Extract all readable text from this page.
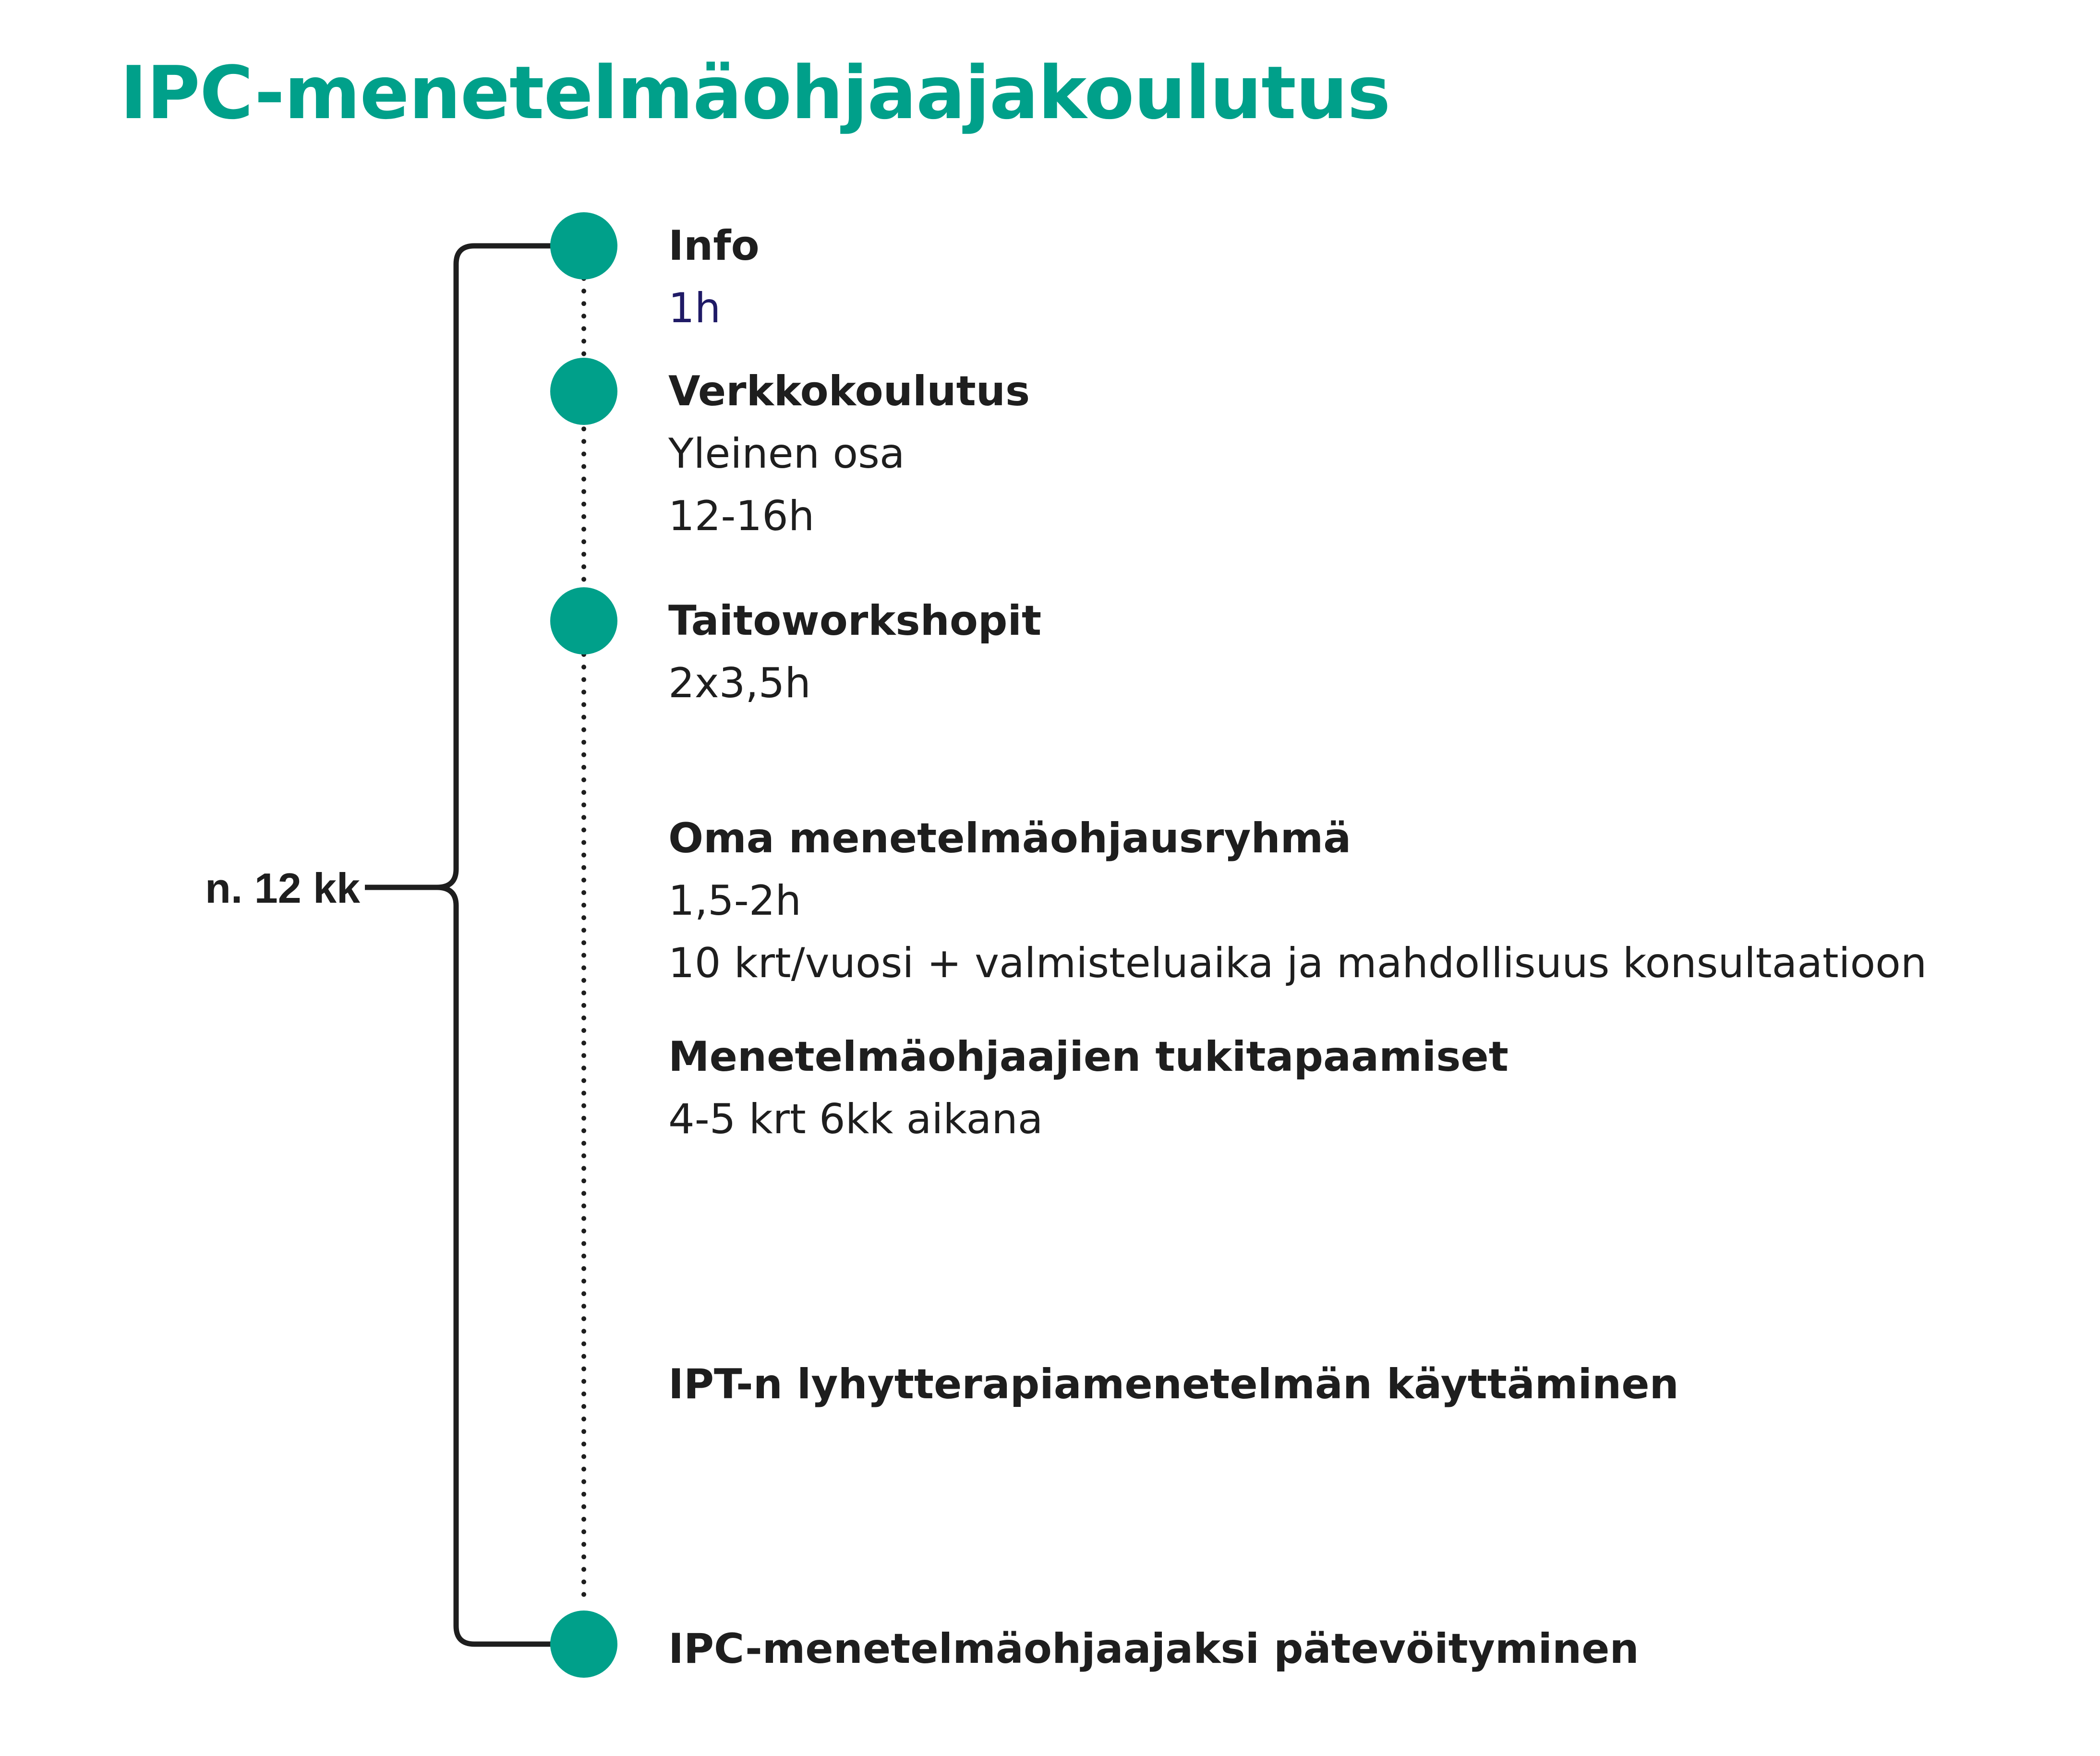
IPC-menetelmäohjaajakoulutus
n. 12 kk
Info
1h
Verkkokoulutus
Yleinen osa
12-16h
Taitoworkshopit
2x3,5h
Oma menetelmäohjausryhmä
1,5-2h
10 krt/vuosi + valmisteluaika ja mahdollisuus konsultaatioon
Menetelmäohjaajien tukitapaamiset
4-5 krt 6kk aikana
IPT-n lyhytterapiamenetelmän käyttäminen
IPC-menetelmäohjaajaksi pätevöityminen
